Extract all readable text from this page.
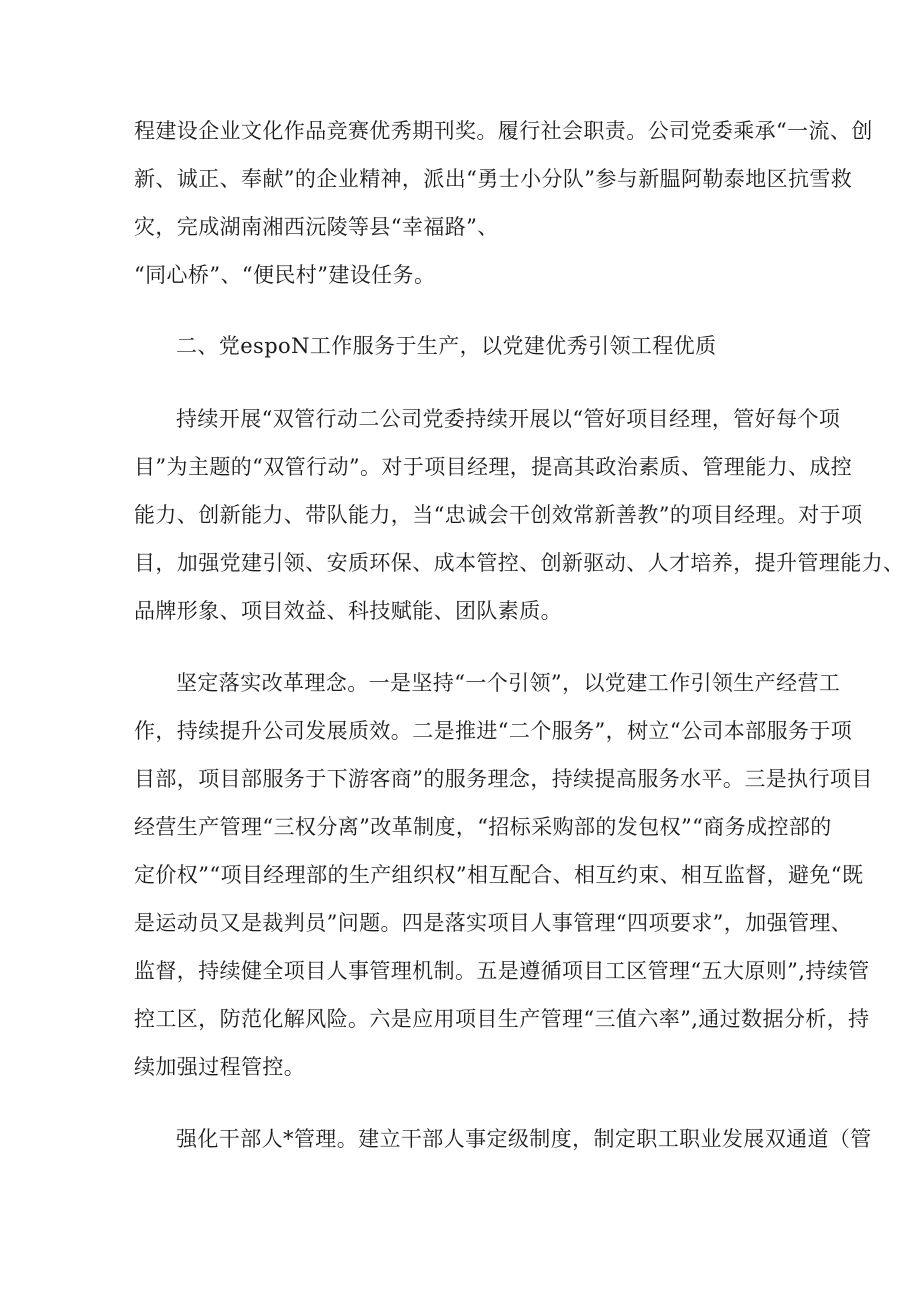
程建设企业文化作品竞赛优秀期刊奖。履行社会职责。公司党委乘承“一流、创
新、诚正、奉献”的企业精神，派出“勇士小分队”参与新腽阿勒泰地区抗雪救
灾，完成湖南湘西沅陵等县“幸福路”、
“同心桥”、“便民村”建设任务。
二、党espoN工作服务于生产，以党建优秀引领工程优质
持续开展“双管行动二公司党委持续开展以“管好项目经理，管好每个项
目”为主题的“双管行动”。对于项目经理，提高其政治素质、管理能力、成控
能力、创新能力、带队能力，当“忠诚会干创效常新善教”的项目经理。对于项
目，加强党建引领、安质环保、成本管控、创新驱动、人才培养，提升管理能力、
品牌形象、项目效益、科技赋能、团队素质。
坚定落实改革理念。一是坚持“一个引领”，以党建工作引领生产经营工
作，持续提升公司发展质效。二是推进“二个服务”，树立“公司本部服务于项
目部，项目部服务于下游客商”的服务理念，持续提高服务水平。三是执行项目
经营生产管理“三权分离”改革制度，“招标采购部的发包权”“商务成控部的
定价权”“项目经理部的生产组织权”相互配合、相互约束、相互监督，避免“既
是运动员又是裁判员”问题。四是落实项目人事管理“四项要求”，加强管理、
监督，持续健全项目人事管理机制。五是遵循项目工区管理“五大原则”,持续管
控工区，防范化解风险。六是应用项目生产管理“三值六率”,通过数据分析，持
续加强过程管控。
强化干部人*管理。建立干部人事定级制度，制定职工职业发展双通道（管
